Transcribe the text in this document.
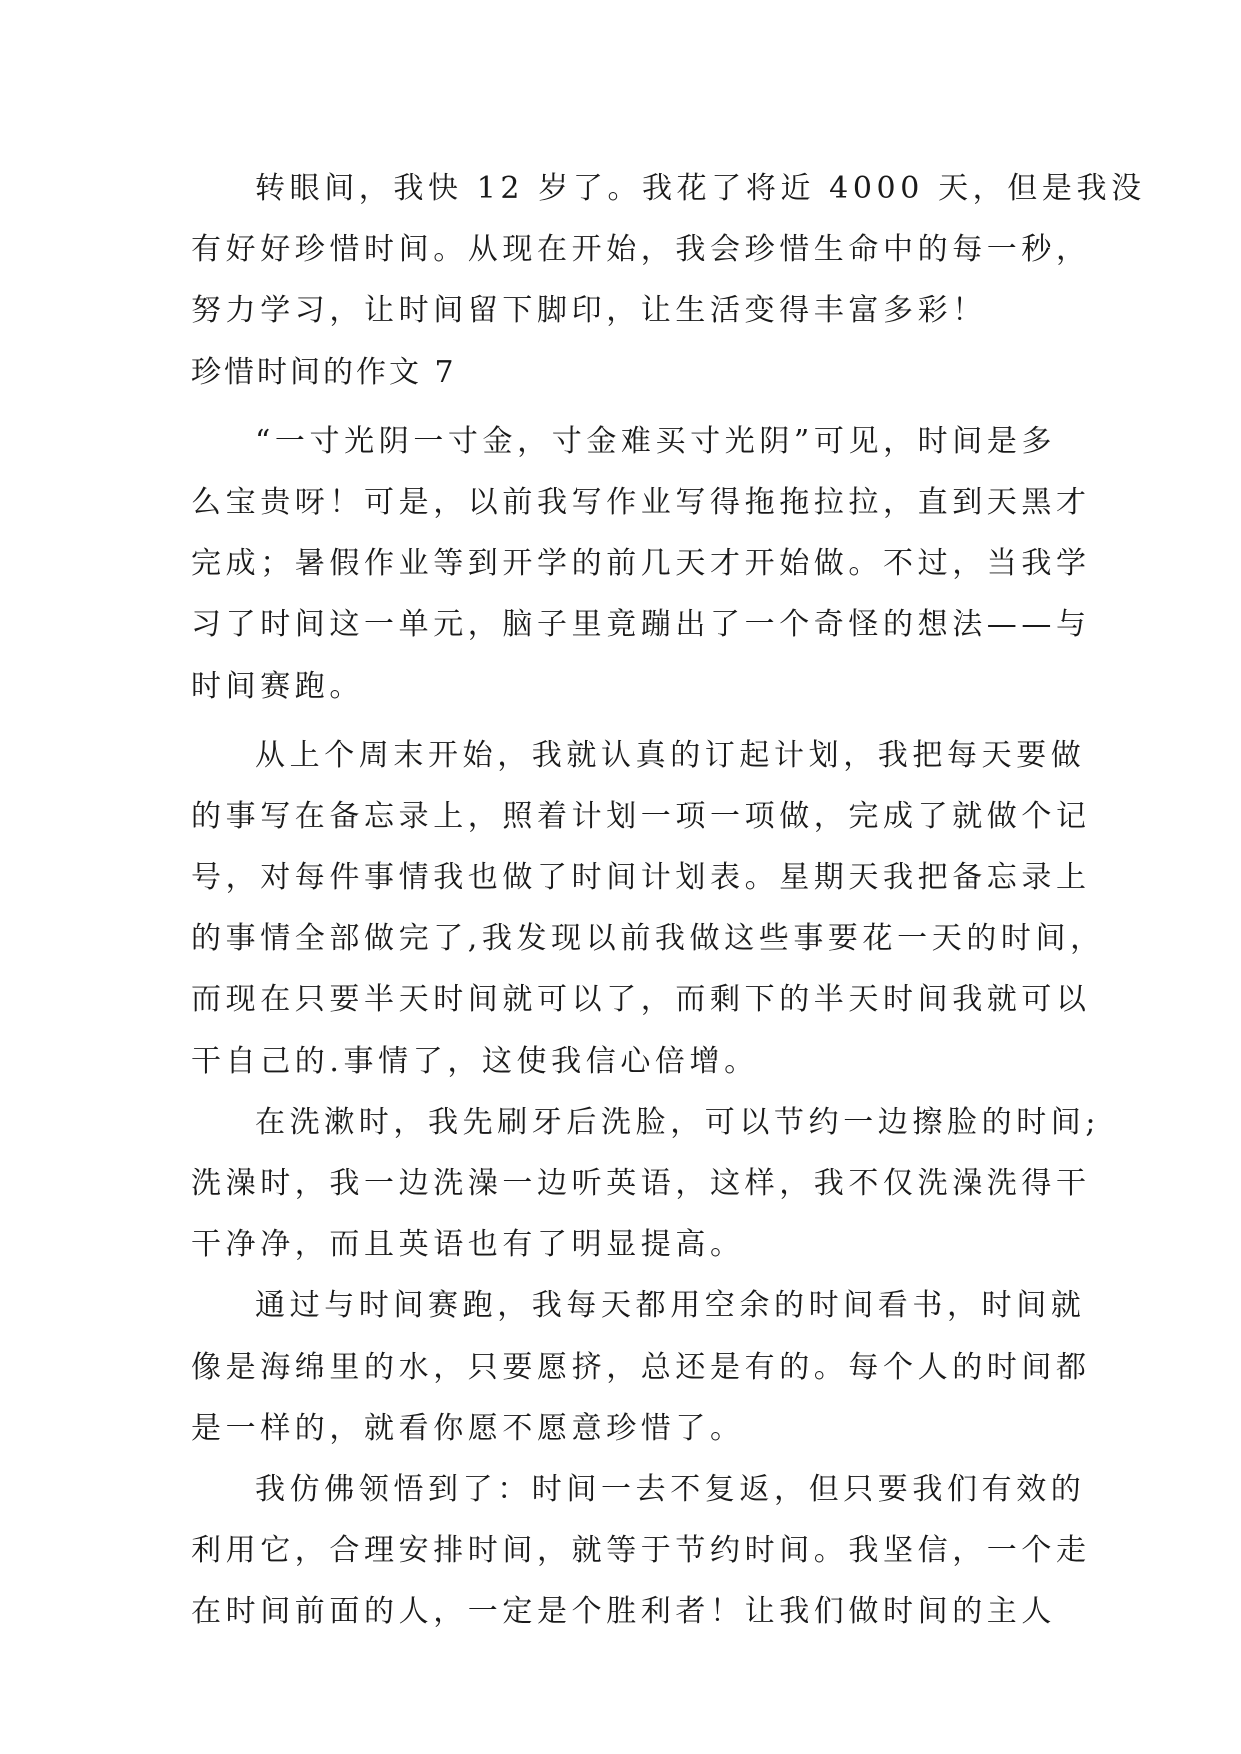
转眼间，我快 12 岁了。我花了将近 4000 天，但是我没
有好好珍惜时间。从现在开始，我会珍惜生命中的每一秒，
努力学习，让时间留下脚印，让生活变得丰富多彩！
珍惜时间的作文 7
“一寸光阴一寸金，寸金难买寸光阴”可见，时间是多
么宝贵呀！可是，以前我写作业写得拖拖拉拉，直到天黑才
完成；暑假作业等到开学的前几天才开始做。不过，当我学
习了时间这一单元，脑子里竟蹦出了一个奇怪的想法——与
时间赛跑。
从上个周末开始，我就认真的订起计划，我把每天要做
的事写在备忘录上，照着计划一项一项做，完成了就做个记
号，对每件事情我也做了时间计划表。星期天我把备忘录上
的事情全部做完了,我发现以前我做这些事要花一天的时间，
而现在只要半天时间就可以了，而剩下的半天时间我就可以
干自己的.事情了，这使我信心倍增。
在洗漱时，我先刷牙后洗脸，可以节约一边擦脸的时间;
洗澡时，我一边洗澡一边听英语，这样，我不仅洗澡洗得干
干净净，而且英语也有了明显提高。
通过与时间赛跑，我每天都用空余的时间看书，时间就
像是海绵里的水，只要愿挤，总还是有的。每个人的时间都
是一样的，就看你愿不愿意珍惜了。
我仿佛领悟到了：时间一去不复返，但只要我们有效的
利用它，合理安排时间，就等于节约时间。我坚信，一个走
在时间前面的人，一定是个胜利者！让我们做时间的主人
